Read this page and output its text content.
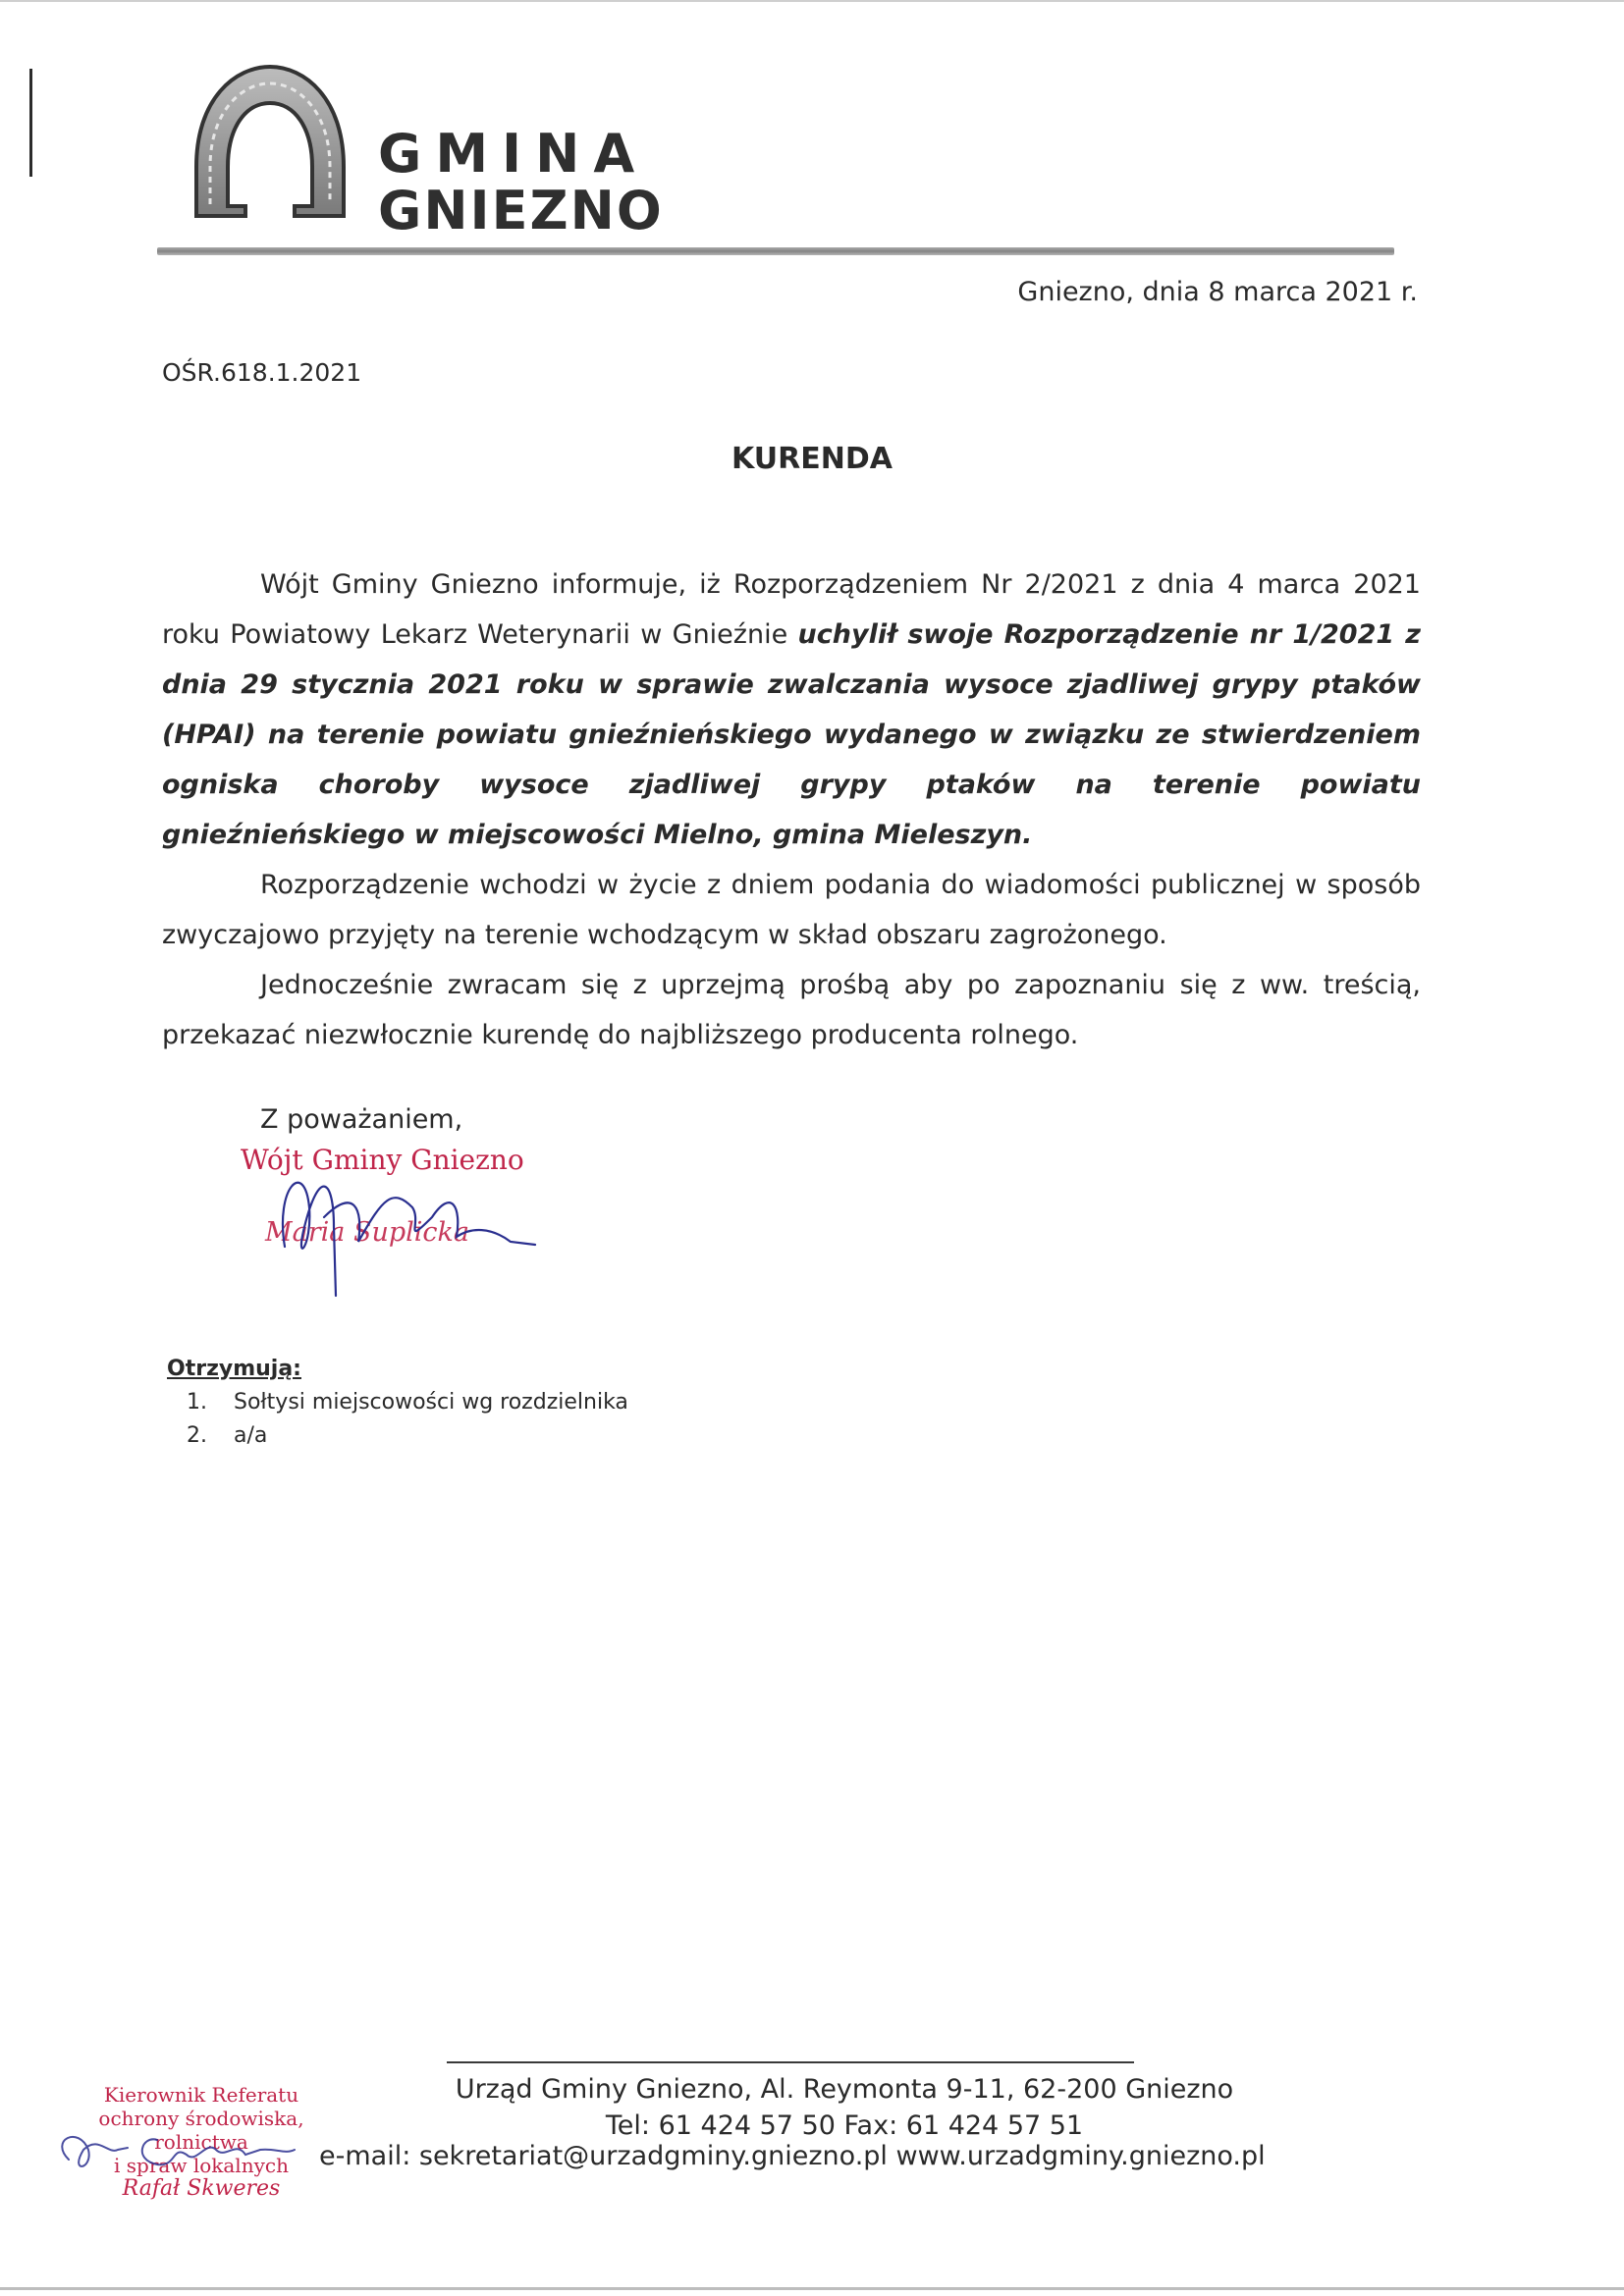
GMINA
GNIEZNO
Gniezno, dnia 8 marca 2021 r.
OŚR.618.1.2021
KURENDA

Wójt Gminy Gniezno informuje, iż Rozporządzeniem Nr 2/2021 z dnia 4 marca 2021 roku Powiatowy Lekarz Weterynarii w Gnieźnie uchylił swoje Rozporządzenie nr 1/2021 z dnia 29 stycznia 2021 roku w sprawie zwalczania wysoce zjadliwej grypy ptaków (HPAI) na terenie powiatu gnieźnieńskiego wydanego w związku ze stwierdzeniem ogniska choroby wysoce zjadliwej grypy ptaków na terenie powiatu gnieźnieńskiego w miejscowości Mielno, gmina Mieleszyn.

Rozporządzenie wchodzi w życie z dniem podania do wiadomości publicznej w sposób zwyczajowo przyjęty na terenie wchodzącym w skład obszaru zagrożonego.

Jednocześnie zwracam się z uprzejmą prośbą aby po zapoznaniu się z ww. treścią, przekazać niezwłocznie kurendę do najbliższego producenta rolnego.

Z poważaniem,
Wójt Gminy Gniezno
Maria Suplicka
Otrzymują:
1. Sołtysi miejscowości wg rozdzielnika
2. a/a
Urząd Gminy Gniezno, Al. Reymonta 9-11, 62-200 Gniezno
Tel: 61 424 57 50 Fax: 61 424 57 51
e-mail: sekretariat@urzadgminy.gniezno.pl www.urzadgminy.gniezno.pl
Kierownik Referatu
ochrony środowiska, rolnictwa
i spraw lokalnych
Rafał Skweres
